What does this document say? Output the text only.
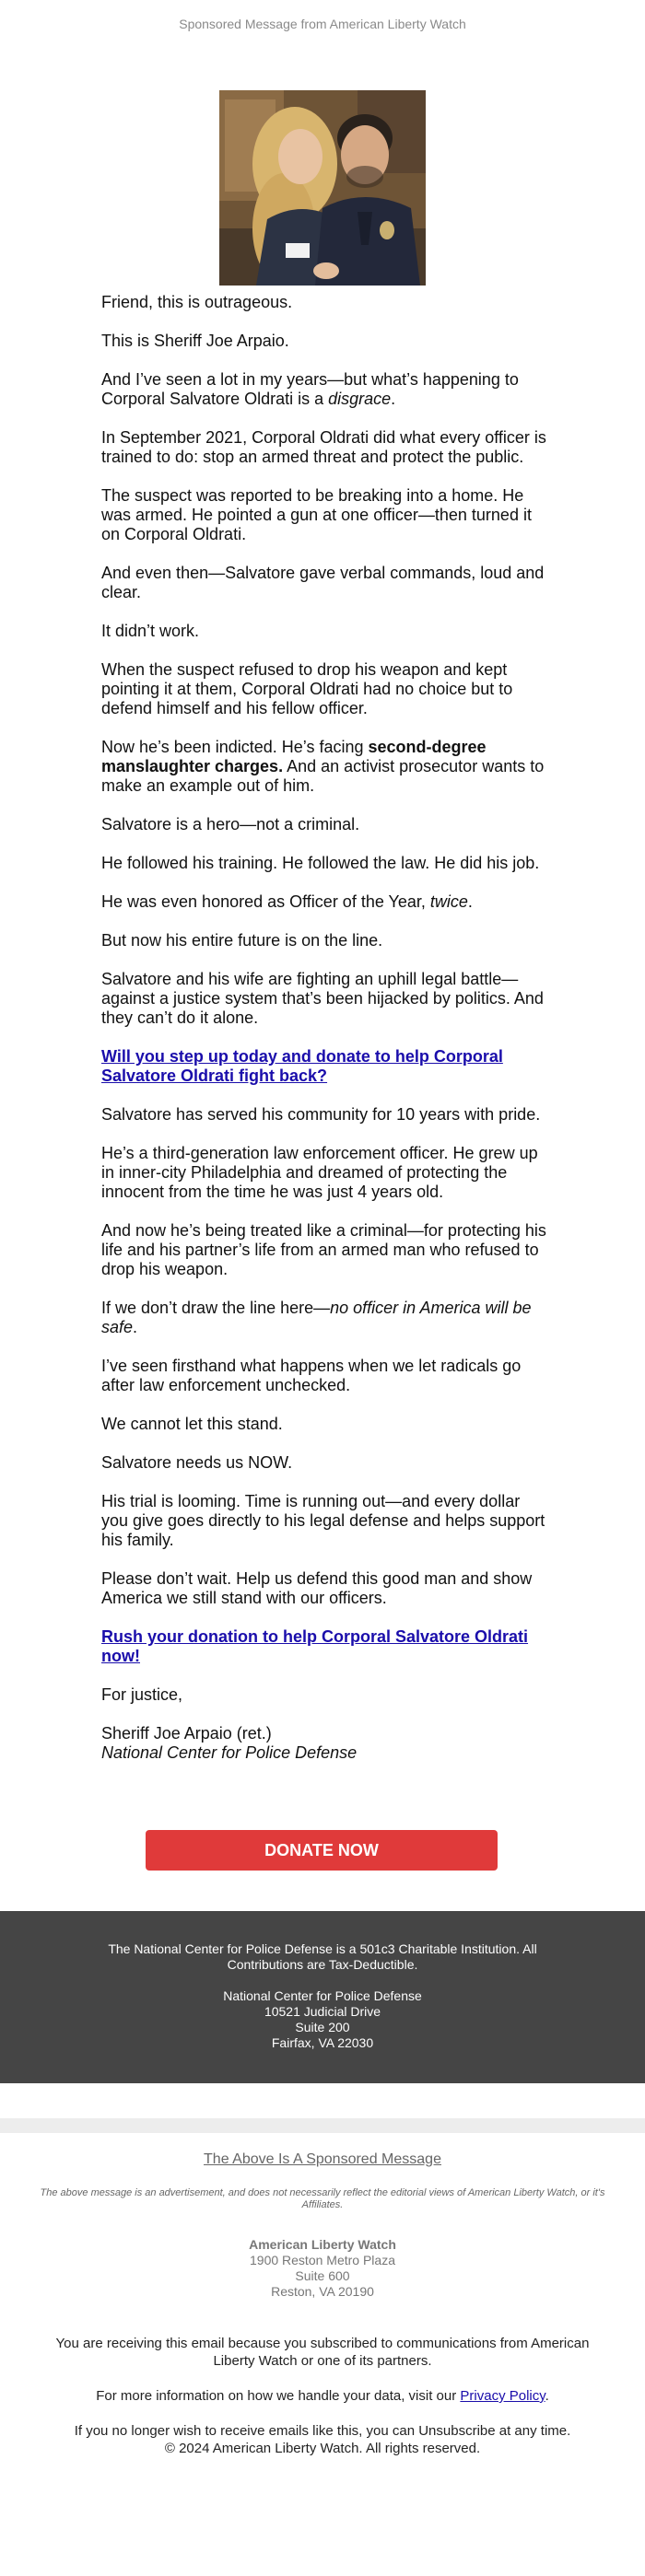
Sponsored Message from American Liberty Watch

Friend, this is outrageous.

This is Sheriff Joe Arpaio.

And I’ve seen a lot in my years—but what’s happening to Corporal Salvatore Oldrati is a disgrace.

In September 2021, Corporal Oldrati did what every officer is trained to do: stop an armed threat and protect the public.

The suspect was reported to be breaking into a home. He was armed. He pointed a gun at one officer—then turned it on Corporal Oldrati.

And even then—Salvatore gave verbal commands, loud and clear.

It didn’t work.

When the suspect refused to drop his weapon and kept pointing it at them, Corporal Oldrati had no choice but to defend himself and his fellow officer.

Now he’s been indicted. He’s facing second-degree manslaughter charges. And an activist prosecutor wants to make an example out of him.

Salvatore is a hero—not a criminal.

He followed his training. He followed the law. He did his job.

He was even honored as Officer of the Year, twice.

But now his entire future is on the line.

Salvatore and his wife are fighting an uphill legal battle—against a justice system that’s been hijacked by politics. And they can’t do it alone.

Will you step up today and donate to help Corporal Salvatore Oldrati fight back?

Salvatore has served his community for 10 years with pride.

He’s a third-generation law enforcement officer. He grew up in inner-city Philadelphia and dreamed of protecting the innocent from the time he was just 4 years old.

And now he’s being treated like a criminal—for protecting his life and his partner’s life from an armed man who refused to drop his weapon.

If we don’t draw the line here—no officer in America will be safe.

I’ve seen firsthand what happens when we let radicals go after law enforcement unchecked.

We cannot let this stand.

Salvatore needs us NOW.

His trial is looming. Time is running out—and every dollar you give goes directly to his legal defense and helps support his family.

Please don’t wait. Help us defend this good man and show America we still stand with our officers.

Rush your donation to help Corporal Salvatore Oldrati now!

For justice,

Sheriff Joe Arpaio (ret.)

National Center for Police Defense

DONATE NOW

The National Center for Police Defense is a 501c3 Charitable Institution. All Contributions are Tax-Deductible.

National Center for Police Defense

10521 Judicial Drive

Suite 200

Fairfax, VA 22030

The Above Is A Sponsored Message

The above message is an advertisement, and does not necessarily reflect the editorial views of American Liberty Watch, or it's Affiliates.

American Liberty Watch

1900 Reston Metro Plaza

Suite 600

Reston, VA 20190

You are receiving this email because you subscribed to communications from American Liberty Watch or one of its partners.

For more information on how we handle your data, visit our Privacy Policy.

If you no longer wish to receive emails like this, you can Unsubscribe at any time.

© 2024 American Liberty Watch. All rights reserved.
